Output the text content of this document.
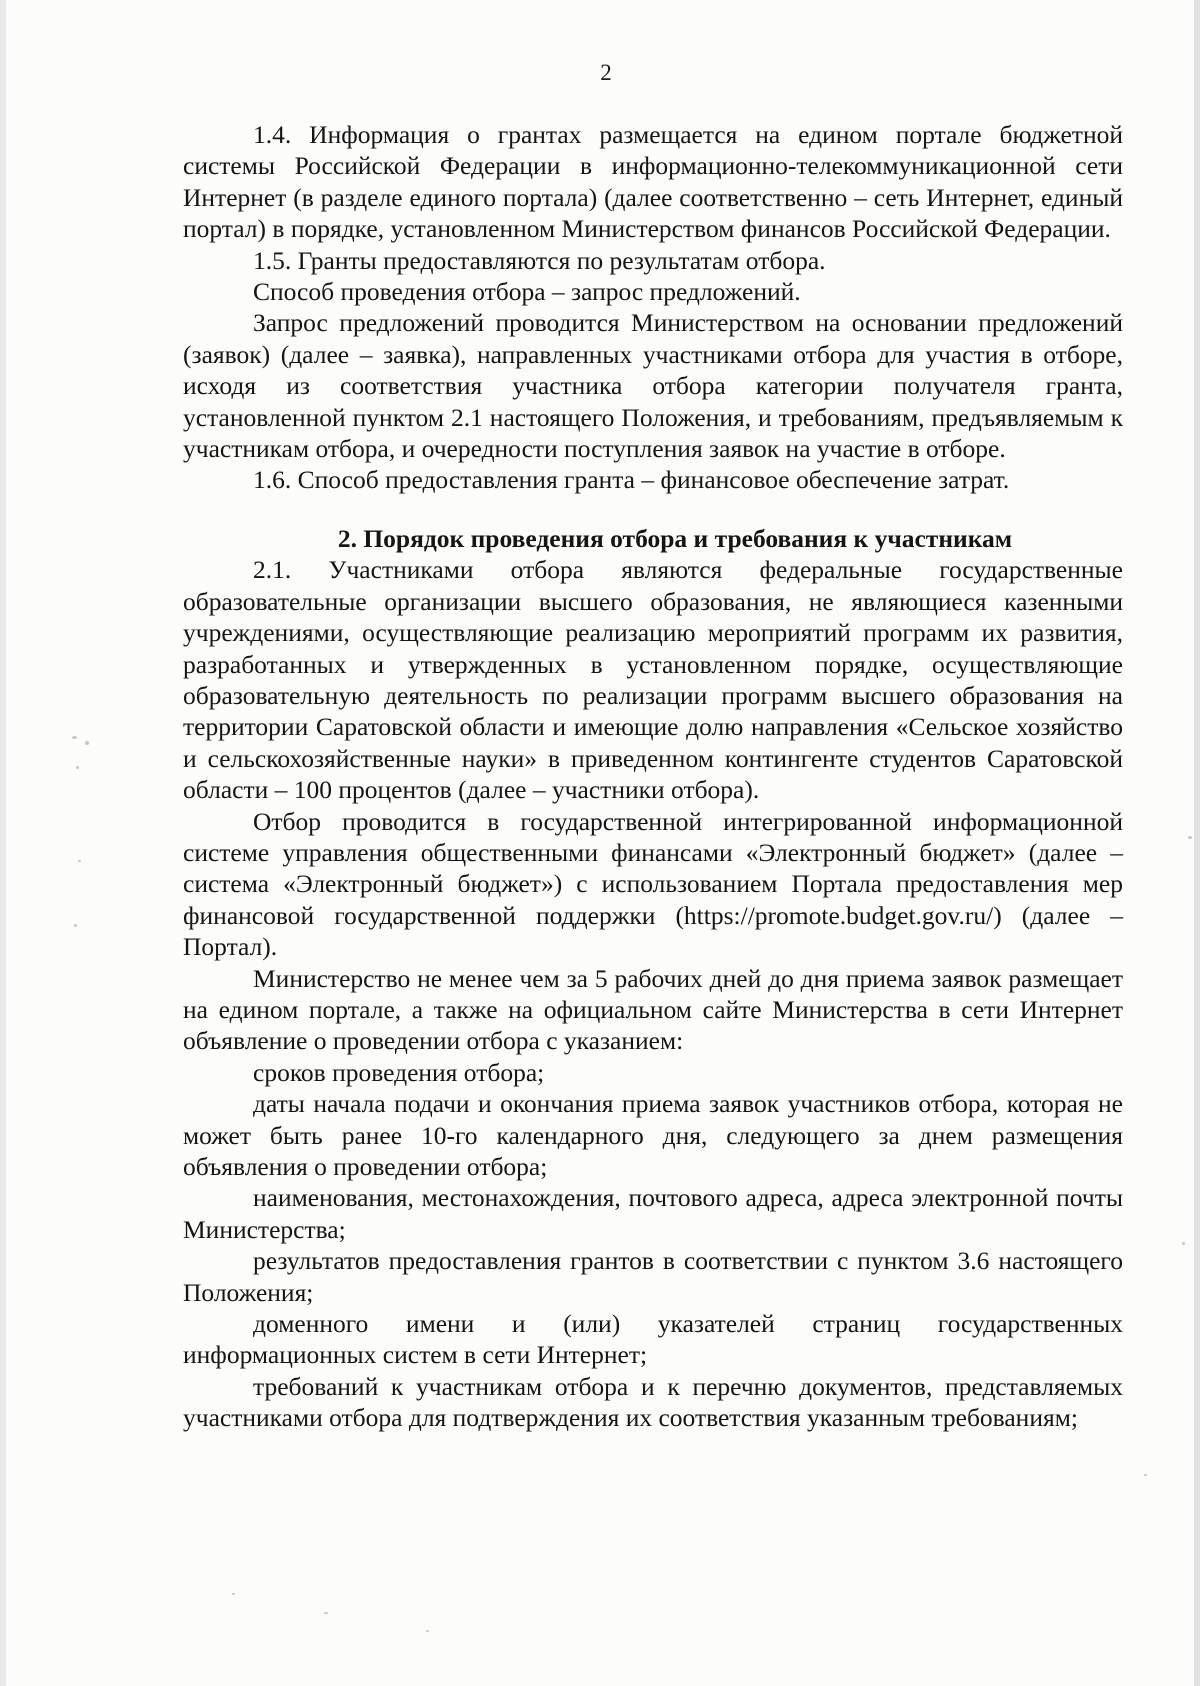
2

1.4. Информация о грантах размещается на едином портале бюджетной системы Российской Федерации в информационно-телекоммуникационной сети Интернет (в разделе единого портала) (далее соответственно – сеть Интернет, единый портал) в порядке, установленном Министерством финансов Российской Федерации.

1.5. Гранты предоставляются по результатам отбора.

Способ проведения отбора – запрос предложений.

Запрос предложений проводится Министерством на основании предложений (заявок) (далее – заявка), направленных участниками отбора для участия в отборе, исходя из соответствия участника отбора категории получателя гранта, установленной пунктом 2.1 настоящего Положения, и требованиям, предъявляемым к участникам отбора, и очередности поступления заявок на участие в отборе.

1.6. Способ предоставления гранта – финансовое обеспечение затрат.

2. Порядок проведения отбора и требования к участникам

2.1. Участниками отбора являются федеральные государственные образовательные организации высшего образования, не являющиеся казенными учреждениями, осуществляющие реализацию мероприятий программ их развития, разработанных и утвержденных в установленном порядке, осуществляющие образовательную деятельность по реализации программ высшего образования на территории Саратовской области и имеющие долю направления «Сельское хозяйство и сельскохозяйственные науки» в приведенном контингенте студентов Саратовской области – 100 процентов (далее – участники отбора).

Отбор проводится в государственной интегрированной информационной системе управления общественными финансами «Электронный бюджет» (далее – система «Электронный бюджет») с использованием Портала предоставления мер финансовой государственной поддержки (https://promote.budget.gov.ru/) (далее – Портал).

Министерство не менее чем за 5 рабочих дней до дня приема заявок размещает на едином портале, а также на официальном сайте Министерства в сети Интернет объявление о проведении отбора с указанием:

сроков проведения отбора;

даты начала подачи и окончания приема заявок участников отбора, которая не может быть ранее 10-го календарного дня, следующего за днем размещения объявления о проведении отбора;

наименования, местонахождения, почтового адреса, адреса электронной почты Министерства;

результатов предоставления грантов в соответствии с пунктом 3.6 настоящего Положения;

доменного имени и (или) указателей страниц государственных информационных систем в сети Интернет;

требований к участникам отбора и к перечню документов, представляемых участниками отбора для подтверждения их соответствия указанным требованиям;
